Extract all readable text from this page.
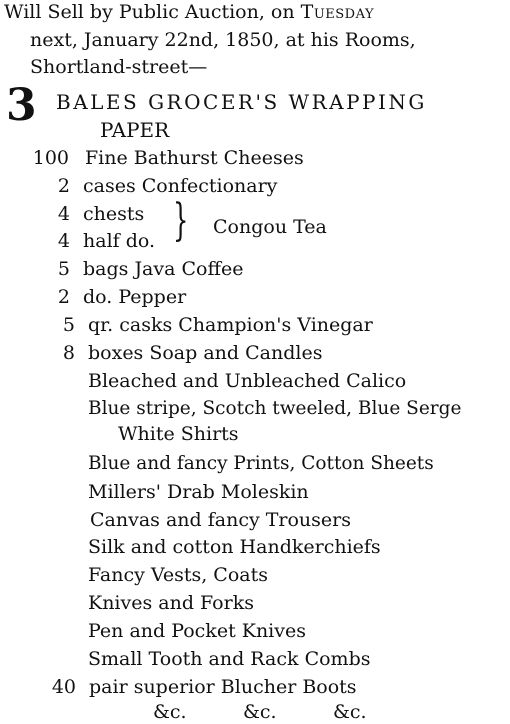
Will Sell by Public Auction, on Tuesday
next, January 22nd, 1850, at his Rooms,
Shortland-street—
3 BALES GROCER'S WRAPPING
PAPER
100 Fine Bathurst Cheeses
2 cases Confectionary
4 chests
4 half do. } Congou Tea
5 bags Java Coffee
2 do. Pepper
5 qr. casks Champion's Vinegar
8 boxes Soap and Candles
Bleached and Unbleached Calico
Blue stripe, Scotch tweeled, Blue Serge
White Shirts
Blue and fancy Prints, Cotton Sheets
Millers' Drab Moleskin
Canvas and fancy Trousers
Silk and cotton Handkerchiefs
Fancy Vests, Coats
Knives and Forks
Pen and Pocket Knives
Small Tooth and Rack Combs
40 pair superior Blucher Boots
&c.	&c.	&c.
